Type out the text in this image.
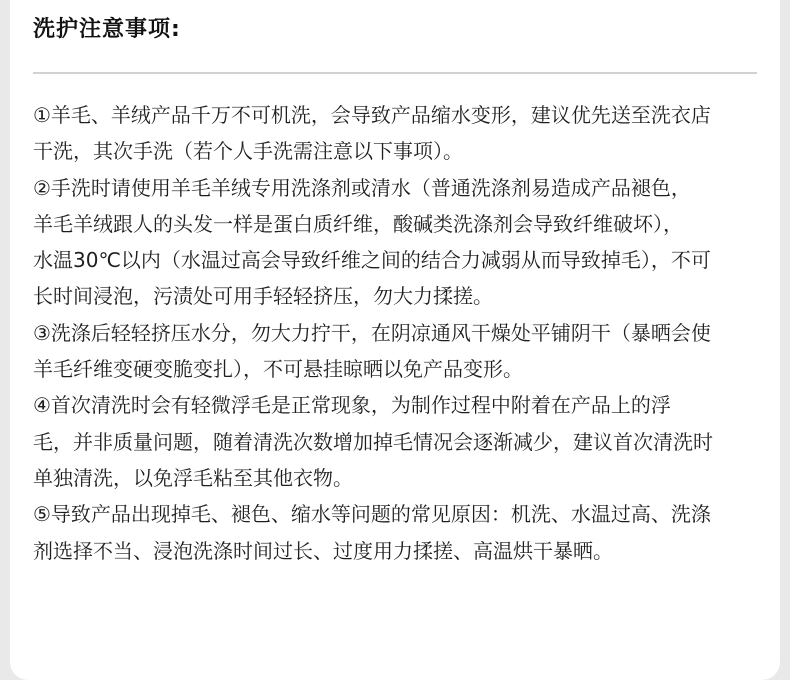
洗护注意事项:
①羊毛、羊绒产品千万不可机洗，会导致产品缩水变形，建议优先送至洗衣店
干洗，其次手洗（若个人手洗需注意以下事项）。
②手洗时请使用羊毛羊绒专用洗涤剂或清水（普通洗涤剂易造成产品褪色，
羊毛羊绒跟人的头发一样是蛋白质纤维，酸碱类洗涤剂会导致纤维破坏），
水温30℃以内（水温过高会导致纤维之间的结合力减弱从而导致掉毛），不可
长时间浸泡，污渍处可用手轻轻挤压，勿大力揉搓。
③洗涤后轻轻挤压水分，勿大力拧干，在阴凉通风干燥处平铺阴干（暴晒会使
羊毛纤维变硬变脆变扎），不可悬挂晾晒以免产品变形。
④首次清洗时会有轻微浮毛是正常现象，为制作过程中附着在产品上的浮
毛，并非质量问题，随着清洗次数增加掉毛情况会逐渐减少，建议首次清洗时
单独清洗，以免浮毛粘至其他衣物。
⑤导致产品出现掉毛、褪色、缩水等问题的常见原因：机洗、水温过高、洗涤
剂选择不当、浸泡洗涤时间过长、过度用力揉搓、高温烘干暴晒。
